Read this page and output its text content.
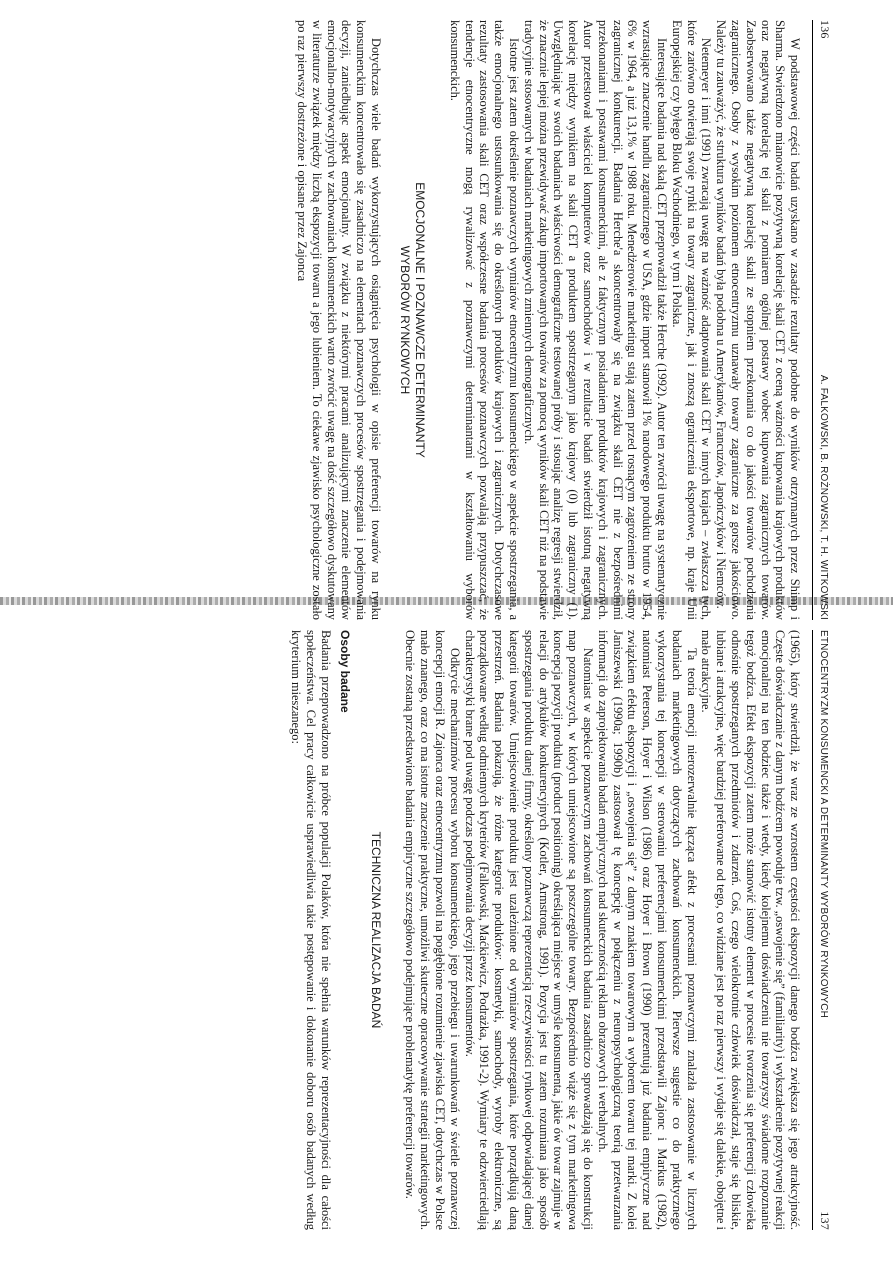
136
A. FALKOWSKI, B. ROŻNOWSKI, T. H. WITKOWSKI

W podstawowej części badań uzyskano w zasadzie rezultaty podobne do wyników otrzymanych przez Shimp i Sharma. Stwierdzono mianowicie pozytywną korelację skali CET z oceną ważności kupowania krajowych produktów oraz negatywną korelację tej skali z pomiarem ogólnej postawy wobec kupowania zagranicznych towarów. Zaobserwowano także negatywną korelację skali ze stopniem przekonania co do jakości towarów pochodzenia zagranicznego. Osoby z wysokim poziomem etnocentryzmu uznawały towary zagraniczne za gorsze jakościowo. Należy tu zauważyć, że struktura wyników badań była podobna u Amerykanów, Francuzów, Japończyków i Niemców.

Netemeyer i inni (1991) zwracają uwagę na ważność adaptowania skali CET w innych krajach – zwłaszcza tych, które zarówno otwierają swoje rynki na towary zagraniczne, jak i znoszą ograniczenia eksportowe, np. kraje Unii Europejskiej czy byłego Bloku Wschodniego, w tym i Polska.

Interesujące badania nad skalą CET przeprowadził także Herche (1992). Autor ten zwrócił uwagę na systematycznie wzrastające znaczenie handlu zagranicznego w USA, gdzie import stanowił 1% narodowego produktu brutto w 1954, 6% w 1964, a już 13,1% w 1988 roku. Menedżerowie marketingu stają zatem przed rosnącym zagrożeniem ze strony zagranicznej konkurencji. Badania Herche'a skoncentrowały się na związku skali CET nie z bezpośrednimi przekonaniami i postawami konsumenckimi, ale z faktycznym posiadaniem produktów krajowych i zagranicznych. Autor przetestował właściciel komputerów oraz samochodów i w rezultacie badań stwierdził istotną negatywną korelację między wynikiem na skali CET a produktem spostrzeganym jako krajowy (0) lub zagraniczny (1). Uwzględniając w swoich badaniach właściwości demograficzne testowanej próby i stosując analizę regresji stwierdził, że znacznie lepiej można przewidywać zakup importowanych towarów za pomocą wyników skali CET niż na podstawie tradycyjnie stosowanych w badaniach marketingowych zmiennych demograficznych.

Istotne jest zatem określenie poznawczych wymiarów etnocentryzmu konsumenckiego w aspekcie spostrzegania, a także emocjonalnego ustosunkowania się do określonych produktów krajowych i zagranicznych. Dotychczasowe rezultaty zastosowania skali CET oraz współczesne badania procesów poznawczych pozwalają przypuszczać, że tendencje etnocentryczne mogą rywalizować z poznawczymi determinantami w kształtowaniu wyborów konsumenckich.

EMOCJONALNE I POZNAWCZE DETERMINANTY
WYBORÓW RYNKOWYCH

Dotychczas wiele badań wykorzystujących osiągnięcia psychologii w opisie preferencji towarów na rynku konsumenckim koncentrowało się zasadniczo na elementach poznawczych procesów spostrzegania i podejmowania decyzji, zaniedbując aspekt emocjonalny. W związku z niektórymi pracami analizującymi znaczenie elementów emocjonalno-motywacyjnych w zachowaniach konsumenckich warto zwrócić uwagę na dość szczegółowo dyskutowany w literaturze związek między liczbą ekspozycji towaru a jego lubieniem. To ciekawe zjawisko psychologiczne zostało po raz pierwszy dostrzeżone i opisane przez Zajonca

ETNOCENTRYZM KONSUMENCKI A DETERMINANTY WYBORÓW RYNKOWYCH
137

(1965), który stwierdził, że wraz ze wzrostem częstości ekspozycji danego bodźca zwiększa się jego atrakcyjność. Częste doświadczanie z danym bodźcem powoduje tzw. „oswojenie się” (familiarity) i wykształcenie pozytywnej reakcji emocjonalnej na ten bodziec także i wtedy, kiedy kolejnemu doświadczeniu nie towarzyszy świadome rozpoznanie tegoż bodźca. Efekt ekspozycji zatem może stanowić istotny element w procesie tworzenia się preferencji człowieka odnośnie spostrzeganych przedmiotów i zdarzeń. Coś, czego wielokrotnie człowiek doświadczał, staje się bliskie, lubiane i atrakcyjne, więc bardziej preferowane od tego, co widziane jest po raz pierwszy i wydaje się dalekie, obojętne i mało atrakcyjne.

Ta teoria emocji nierozerwalnie łącząca afekt z procesami poznawczymi znalazła zastosowanie w licznych badaniach marketingowych dotyczących zachowań konsumenckich. Pierwsze sugestie co do praktycznego wykorzystania tej koncepcji w sterowaniu preferencjami konsumenckimi przedstawili Zajonc i Markus (1982), natomiast Peterson, Hoyer i Wilson (1986) oraz Hoyer i Brown (1990) prezentują już badania empiryczne nad związkiem efektu ekspozycji i „oswojenia się” z danym znakiem towarowym a wyborem towaru tej marki. Z kolei Janiszewski (1990a; 1990b) zastosował tę koncepcję w połączeniu z neuropsychologiczną teorią przetwarzania informacji do zaprojektowania badań empirycznych nad skutecznością reklam obrazowych i werbalnych.

Natomiast w aspekcie poznawczym zachowań konsumenckich badania zasadniczo sprowadzają się do konstrukcji map poznawczych, w których umiejscowione są poszczególne towary. Bezpośrednio wiąże się z tym marketingowa koncepcja pozycji produktu (product positioning) określająca miejsce w umyśle konsumenta, jakie ów towar zajmuje w relacji do artykułów konkurencyjnych (Kotler, Armstrong, 1991). Pozycja jest tu zatem rozumiana jako sposób spostrzegania produktu danej firmy, określony poznawczą reprezentacją rzeczywistości rynkowej odpowiadającej danej kategorii towarów. Umiejscowienie produktu jest uzależnione od wymiarów spostrzegania, które porządkują daną przestrzeń. Badania pokazują, że różne kategorie produktów: kosmetyki, samochody, wyroby elektroniczne, są porządkowane według odmiennych kryteriów (Falkowski, Maćkiewicz, Podrażka, 1991-2). Wymiary te odzwierciedlają charakterystyki brane pod uwagę podczas podejmowania decyzji przez konsumentów.

Odkrycie mechanizmów procesu wyboru konsumenckiego, jego przebiegu i uwarunkowań w świetle poznawczej koncepcji emocji R. Zajonca oraz etnocentryzmu pozwoli na pogłębione rozumienie zjawiska CET, dotychczas w Polsce mało znanego, oraz co ma istotne znaczenie praktyczne, umożliwi skuteczne opracowywanie strategii marketingowych. Obecnie zostaną przedstawione badania empiryczne szczegółowo podejmujące problematykę preferencji towarów.

TECHNICZNA REALIZACJA BADAŃ
Osoby badane

Badania przeprowadzono na próbce populacji Polaków, która nie spełnia warunków reprezentacyjności dla całości społeczeństwa. Cel pracy całkowicie usprawiedliwia takie postępowanie i dokonanie doboru osób badanych według kryterium mieszanego:
